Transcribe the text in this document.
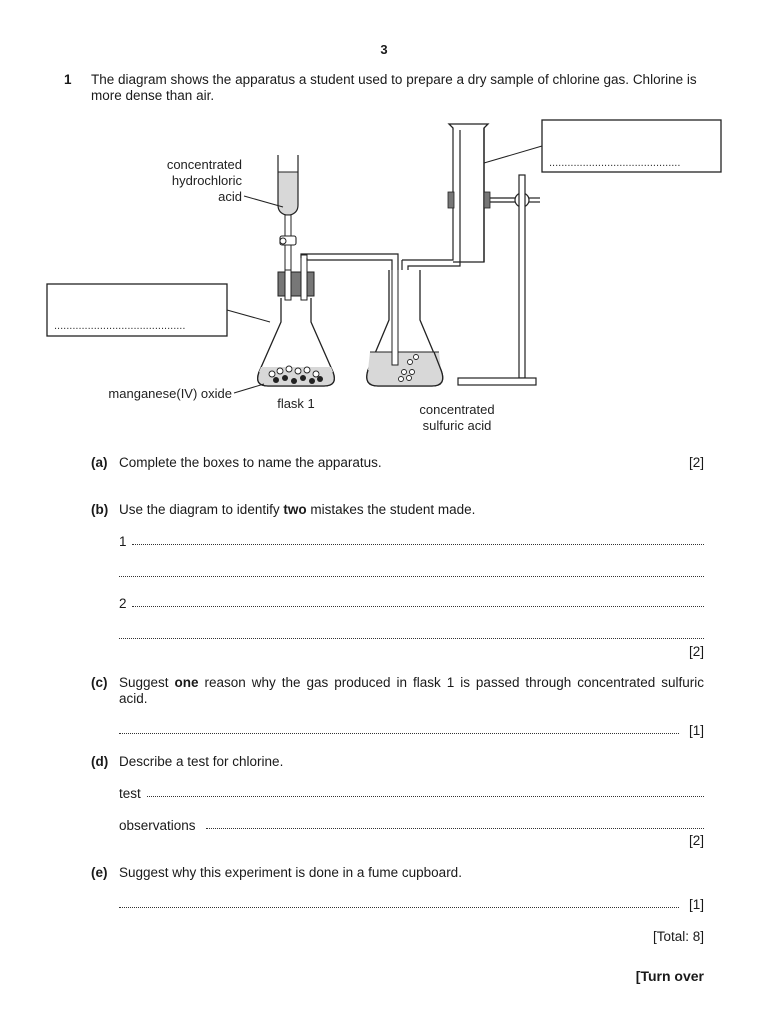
3
1 The diagram shows the apparatus a student used to prepare a dry sample of chlorine gas. Chlorine is more dense than air.
...........................................
...........................................
concentrated
hydrochloric
acid
manganese(IV) oxide
flask 1	concentrated
sulfuric acid
(a) Complete the boxes to name the apparatus.	[2]
(b) Use the diagram to identify two mistakes the student made.
1
2
[2]
(c) Suggest one reason why the gas produced in flask 1 is passed through concentrated sulfuric acid.
[1]
(d) Describe a test for chlorine.
test
observations
[2]
(e) Suggest why this experiment is done in a fume cupboard.
[1]
[Total: 8]
[Turn over
